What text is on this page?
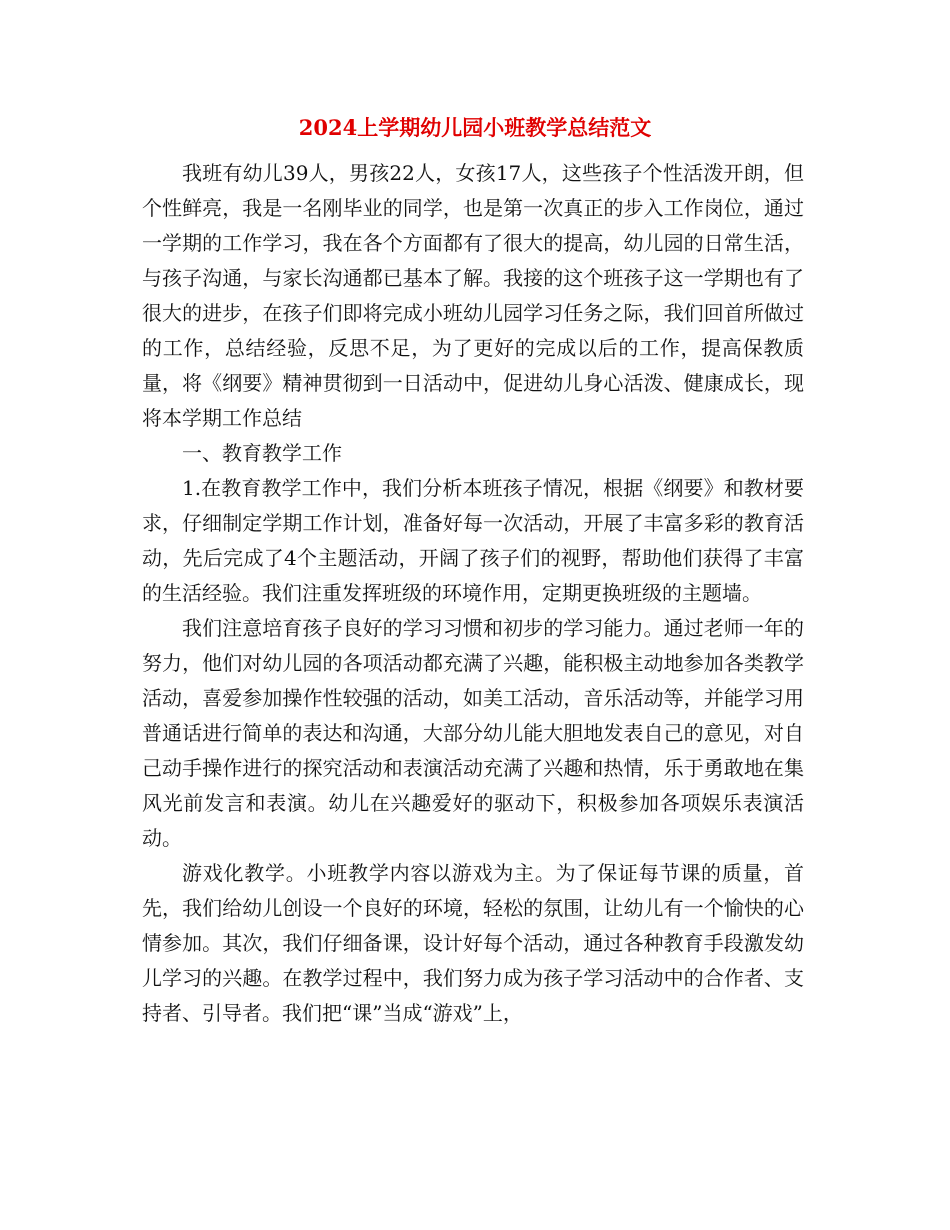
2024上学期幼儿园小班教学总结范文

我班有幼儿39人，男孩22人，女孩17人，这些孩子个性活泼开朗，但个性鲜亮，我是一名刚毕业的同学，也是第一次真正的步入工作岗位，通过一学期的工作学习，我在各个方面都有了很大的提高，幼儿园的日常生活，与孩子沟通，与家长沟通都已基本了解。我接的这个班孩子这一学期也有了很大的进步，在孩子们即将完成小班幼儿园学习任务之际，我们回首所做过的工作，总结经验，反思不足，为了更好的完成以后的工作，提高保教质量，将《纲要》精神贯彻到一日活动中，促进幼儿身心活泼、健康成长，现将本学期工作总结

一、教育教学工作

1.在教育教学工作中，我们分析本班孩子情况，根据《纲要》和教材要求，仔细制定学期工作计划，准备好每一次活动，开展了丰富多彩的教育活动，先后完成了4个主题活动，开阔了孩子们的视野，帮助他们获得了丰富的生活经验。我们注重发挥班级的环境作用，定期更换班级的主题墙。

我们注意培育孩子良好的学习习惯和初步的学习能力。通过老师一年的努力，他们对幼儿园的各项活动都充满了兴趣，能积极主动地参加各类教学活动，喜爱参加操作性较强的活动，如美工活动，音乐活动等，并能学习用普通话进行简单的表达和沟通，大部分幼儿能大胆地发表自己的意见，对自己动手操作进行的探究活动和表演活动充满了兴趣和热情，乐于勇敢地在集风光前发言和表演。幼儿在兴趣爱好的驱动下，积极参加各项娱乐表演活动。

游戏化教学。小班教学内容以游戏为主。为了保证每节课的质量，首先，我们给幼儿创设一个良好的环境，轻松的氛围，让幼儿有一个愉快的心情参加。其次，我们仔细备课，设计好每个活动，通过各种教育手段激发幼儿学习的兴趣。在教学过程中，我们努力成为孩子学习活动中的合作者、支持者、引导者。我们把“课”当成“游戏”上，
